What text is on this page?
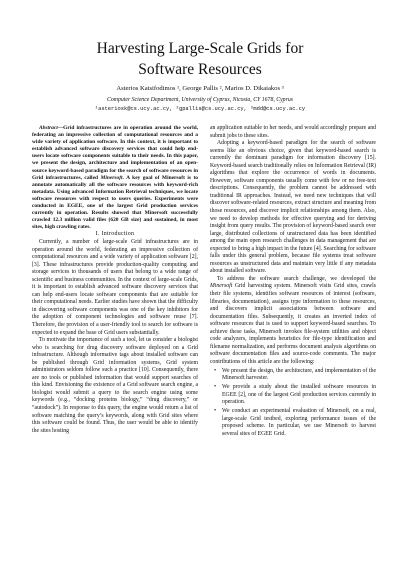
Harvesting Large-Scale Grids for
Software Resources
Asterios Katsifodimos ¹, George Pallis ², Marios D. Dikaiakos ³
Computer Science Department, University of Cyprus, Nicosia, CY 1678, Cyprus
¹asteriosk@cs.ucy.ac.cy, ²gpallis@cs.ucy.ac.cy, ³mdd@cs.ucy.ac.cy

Abstract—Grid infrastructures are in operation around the world, federating an impressive collection of computational resources and a wide variety of application software. In this context, it is important to establish advanced software discovery services that could help end-users locate software components suitable to their needs. In this paper, we present the design, architecture and implementation of an open-source keyword-based paradigm for the search of software resources in Grid infrastructures, called Minersoft. A key goal of Minersoft is to annotate automatically all the software resources with keyword-rich metadata. Using advanced Information Retrieval techniques, we locate software resources with respect to users queries. Experiments were conducted in EGEE, one of the largest Grid production services currently in operation. Results showed that Minersoft successfully crawled 12.3 million valid files (620 GB size) and sustained, in most sites, high crawling rates.

I. Introduction

Currently, a number of large-scale Grid infrastructures are in operation around the world, federating an impressive collection of computational resources and a wide variety of application software [2], [3]. These infrastructures provide production-quality computing and storage services to thousands of users that belong to a wide range of scientific and business communities. In the context of large-scale Grids, it is important to establish advanced software discovery services that can help end-users locate software components that are suitable for their computational needs. Earlier studies have shown that the difficulty in discovering software components was one of the key inhibitors for the adoption of component technologies and software reuse [7]. Therefore, the provision of a user-friendly tool to search for software is expected to expand the base of Grid users substantially.

To motivate the importance of such a tool, let us consider a biologist who is searching for drug discovery software deployed on a Grid infrastructure. Although informative tags about installed software can be published through Grid information systems, Grid system administrators seldom follow such a practice [10]. Consequently, there are no tools or published information that would support searches of this kind. Envisioning the existence of a Grid software search engine, a biologist would submit a query to the search engine using some keywords (e.g., “docking proteins biology,” “drug discovery,” or “autodock”). In response to this query, the engine would return a list of software matching the query’s keywords, along with Grid sites where this software could be found. Thus, the user would be able to identify the sites hosting

an application suitable to her needs, and would accordingly prepare and submit jobs to these sites.

Adopting a keyword-based paradigm for the search of software seems like an obvious choice, given that keyword-based search is currently the dominant paradigm for information discovery [15]. Keyword-based search traditionally relies on Information Retrieval (IR) algorithms that explore the occurrence of words in documents. However, software components usually come with few or no free-text descriptions. Consequently, the problem cannot be addressed with traditional IR approaches. Instead, we need new techniques that will discover software-related resources, extract structure and meaning from those resources, and discover implicit relationships among them. Also, we need to develop methods for effective querying and for deriving insight from query results. The provision of keyword-based search over large, distributed collections of unstructured data has been identified among the main open research challenges in data management that are expected to bring a high impact in the future [4]. Searching for software falls under this general problem, because file systems treat software resources as unstructured data and maintain very little if any metadata about installed software.

To address the software search challenge, we developed the Minersoft Grid harvesting system. Minersoft visits Grid sites, crawls their file systems, identifies software resources of interest (software, libraries, documentation), assigns type information to these resources, and discovers implicit associations between software and documentation files. Subsequently, it creates an inverted index of software resources that is used to support keyword-based searches. To achieve these tasks, Minersoft invokes file-system utilities and object code analyzers, implements heuristics for file-type identification and filename normalization, and performs document analysis algorithms on software documentation files and source-code comments. The major contributions of this article are the following:

• We present the design, the architecture, and implementation of the Minersoft harvester.
• We provide a study about the installed software resources in EGEE [2], one of the largest Grid production services currently in operation.
• We conduct an experimental evaluation of Minersoft, on a real, large-scale Grid testbed, exploring performance issues of the proposed scheme. In particular, we use Minersoft to harvest several sites of EGEE Grid.
